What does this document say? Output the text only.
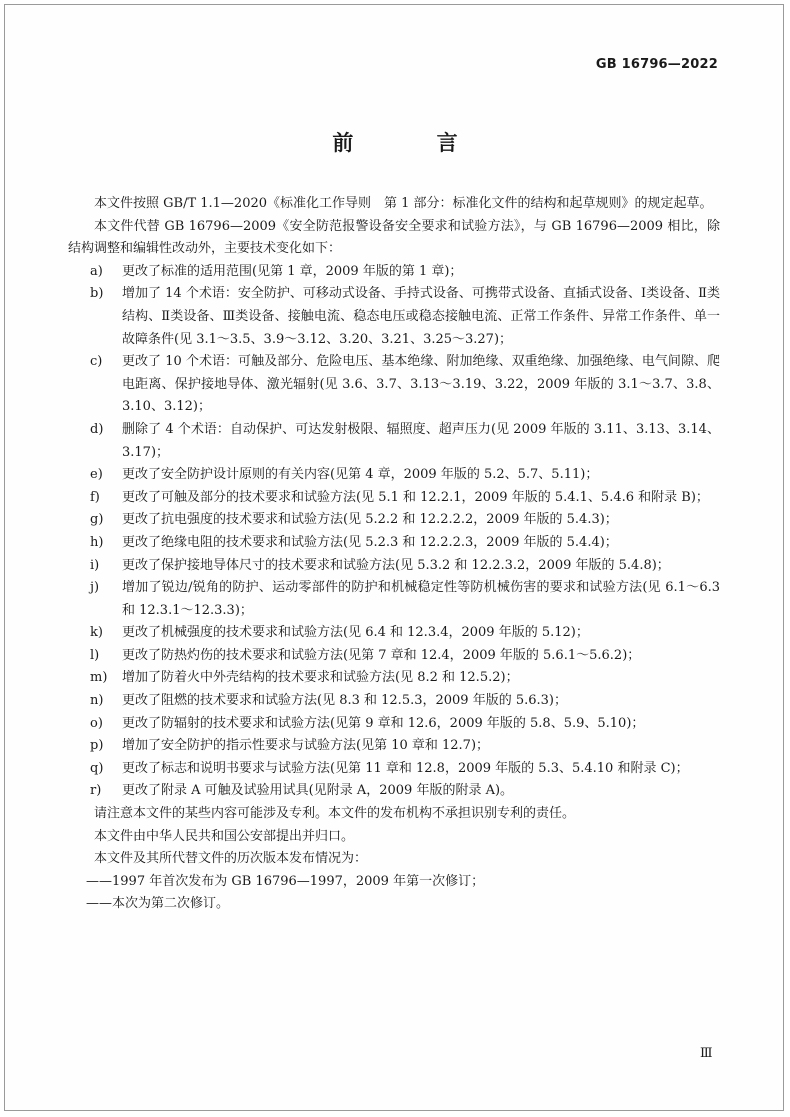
GB 16796—2022
前 言

本文件按照 GB/T 1.1—2020《标准化工作导则　第 1 部分：标准化文件的结构和起草规则》的规定起草。

本文件代替 GB 16796—2009《安全防范报警设备安全要求和试验方法》，与 GB 16796—2009 相比，除结构调整和编辑性改动外，主要技术变化如下：

a)	更改了标准的适用范围(见第 1 章，2009 年版的第 1 章)；
b)	增加了 14 个术语：安全防护、可移动式设备、手持式设备、可携带式设备、直插式设备、Ⅰ类设备、Ⅱ类结构、Ⅱ类设备、Ⅲ类设备、接触电流、稳态电压或稳态接触电流、正常工作条件、异常工作条件、单一故障条件(见 3.1～3.5、3.9～3.12、3.20、3.21、3.25～3.27)；
c)	更改了 10 个术语：可触及部分、危险电压、基本绝缘、附加绝缘、双重绝缘、加强绝缘、电气间隙、爬电距离、保护接地导体、激光辐射(见 3.6、3.7、3.13～3.19、3.22，2009 年版的 3.1～3.7、3.8、3.10、3.12)；
d)	删除了 4 个术语：自动保护、可达发射极限、辐照度、超声压力(见 2009 年版的 3.11、3.13、3.14、3.17)；
e)	更改了安全防护设计原则的有关内容(见第 4 章，2009 年版的 5.2、5.7、5.11)；
f)	更改了可触及部分的技术要求和试验方法(见 5.1 和 12.2.1，2009 年版的 5.4.1、5.4.6 和附录 B)；
g)	更改了抗电强度的技术要求和试验方法(见 5.2.2 和 12.2.2.2，2009 年版的 5.4.3)；
h)	更改了绝缘电阻的技术要求和试验方法(见 5.2.3 和 12.2.2.3，2009 年版的 5.4.4)；
i)	更改了保护接地导体尺寸的技术要求和试验方法(见 5.3.2 和 12.2.3.2，2009 年版的 5.4.8)；
j)	增加了锐边/锐角的防护、运动零部件的防护和机械稳定性等防机械伤害的要求和试验方法(见 6.1～6.3 和 12.3.1～12.3.3)；
k)	更改了机械强度的技术要求和试验方法(见 6.4 和 12.3.4，2009 年版的 5.12)；
l)	更改了防热灼伤的技术要求和试验方法(见第 7 章和 12.4，2009 年版的 5.6.1～5.6.2)；
m)	增加了防着火中外壳结构的技术要求和试验方法(见 8.2 和 12.5.2)；
n)	更改了阻燃的技术要求和试验方法(见 8.3 和 12.5.3，2009 年版的 5.6.3)；
o)	更改了防辐射的技术要求和试验方法(见第 9 章和 12.6，2009 年版的 5.8、5.9、5.10)；
p)	增加了安全防护的指示性要求与试验方法(见第 10 章和 12.7)；
q)	更改了标志和说明书要求与试验方法(见第 11 章和 12.8，2009 年版的 5.3、5.4.10 和附录 C)；
r)	更改了附录 A 可触及试验用试具(见附录 A，2009 年版的附录 A)。

请注意本文件的某些内容可能涉及专利。本文件的发布机构不承担识别专利的责任。

本文件由中华人民共和国公安部提出并归口。

本文件及其所代替文件的历次版本发布情况为：

——1997 年首次发布为 GB 16796—1997，2009 年第一次修订；

——本次为第二次修订。

Ⅲ
